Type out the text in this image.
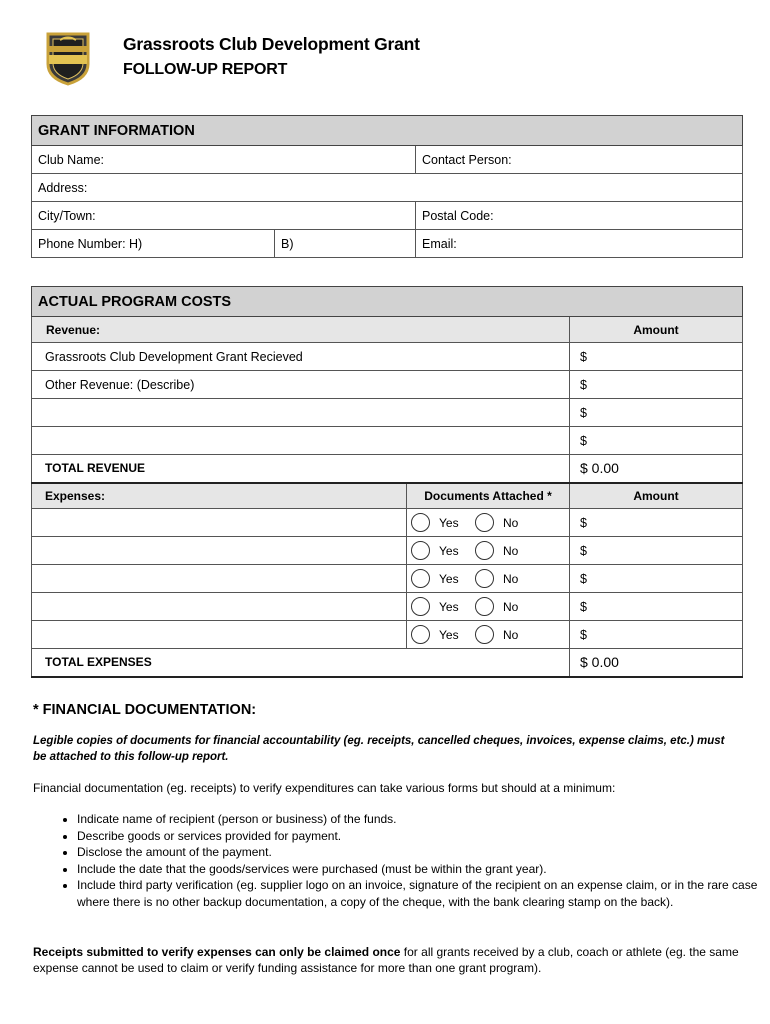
Grassroots Club Development Grant
FOLLOW-UP REPORT
GRANT INFORMATION		
Club Name:		Contact Person:
Address:		
City/Town:		Postal Code:
Phone Number: H)	B)	Email:
ACTUAL PROGRAM COSTS		
Revenue:		Amount
Grassroots Club Development Grant Recieved		$
Other Revenue: (Describe)		$
		$
		$
TOTAL REVENUE		$ 0.00
Expenses:	Documents Attached *	Amount

	Yes No	$

	Yes No	$

	Yes No	$

	Yes No	$

	Yes No	$
TOTAL EXPENSES		$ 0.00
* FINANCIAL DOCUMENTATION:
Legible copies of documents for financial accountability (eg. receipts, cancelled cheques, invoices, expense claims, etc.) must be attached to this follow-up report.
Financial documentation (eg. receipts) to verify expenditures can take various forms but should at a minimum:
• Indicate name of recipient (person or business) of the funds.
• Describe goods or services provided for payment.
• Disclose the amount of the payment.
• Include the date that the goods/services were purchased (must be within the grant year).
• Include third party verification (eg. supplier logo on an invoice, signature of the recipient on an expense claim, or in the rare case where there is no other backup documentation, a copy of the cheque, with the bank clearing stamp on the back).
Receipts submitted to verify expenses can only be claimed once for all grants received by a club, coach or athlete (eg. the same expense cannot be used to claim or verify funding assistance for more than one grant program).
